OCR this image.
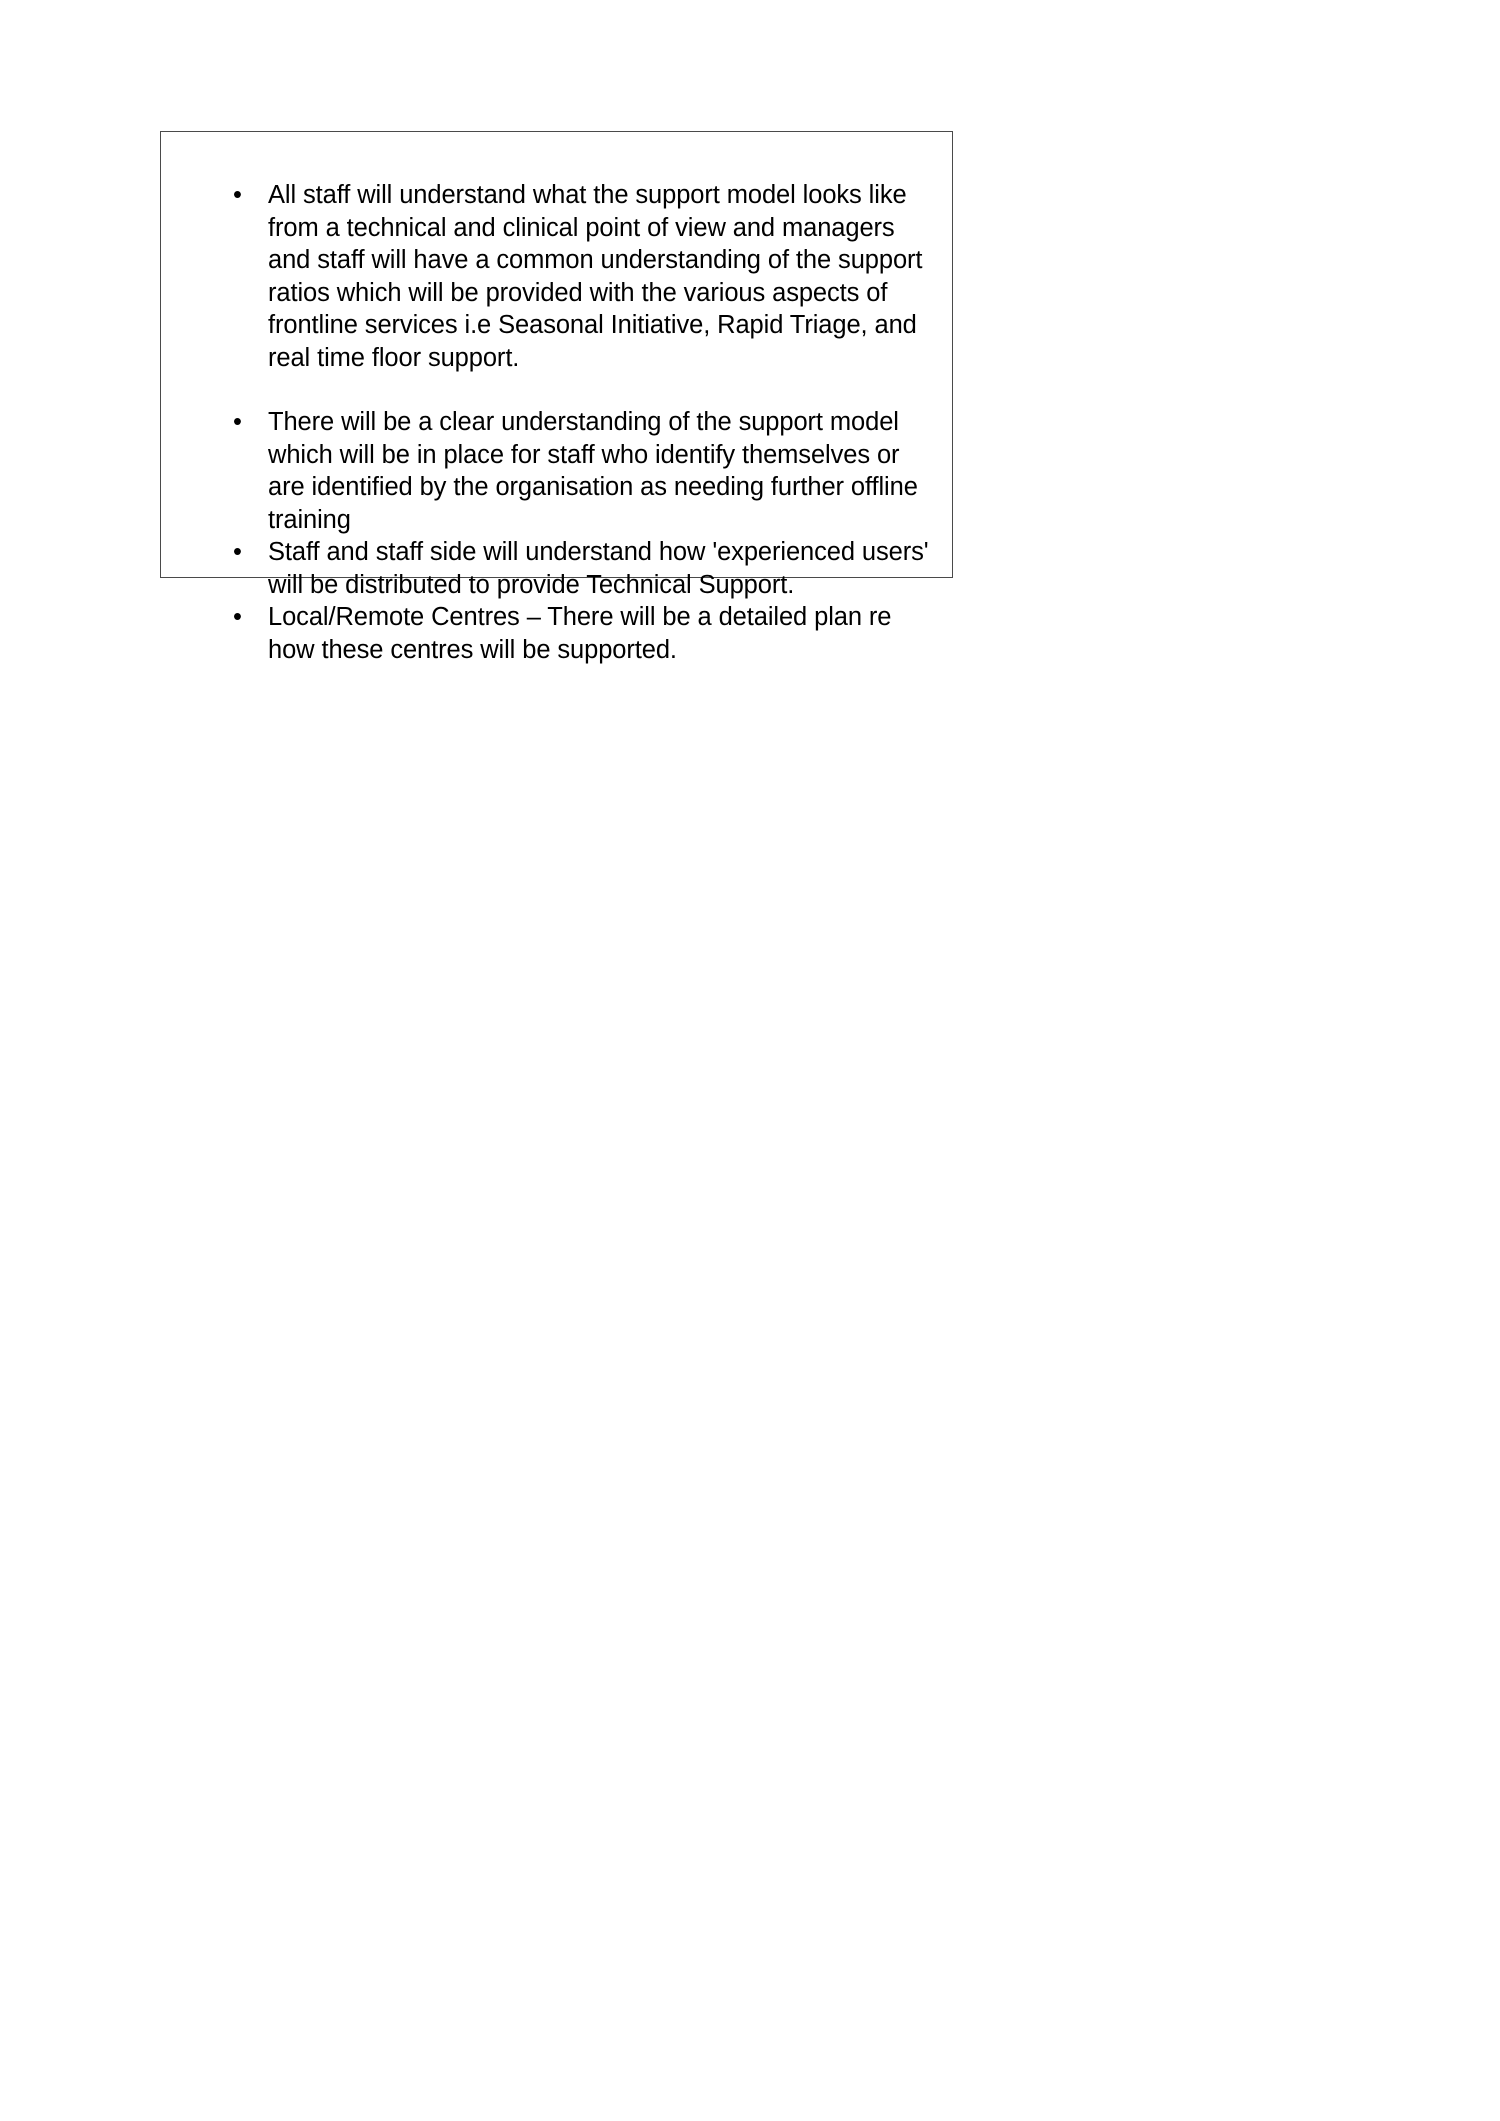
•	All staff will understand what the support model looks like from a technical and clinical point of view and managers and staff will have a common understanding of the support ratios which will be provided with the various aspects of frontline services i.e Seasonal Initiative, Rapid Triage, and real time floor support.
•	There will be a clear understanding of the support model which will be in place for staff who identify themselves or are identified by the organisation as needing further offline training
•	Staff and staff side will understand how 'experienced users' will be distributed to provide Technical Support.
•	Local/Remote Centres – There will be a detailed plan re how these centres will be supported.
